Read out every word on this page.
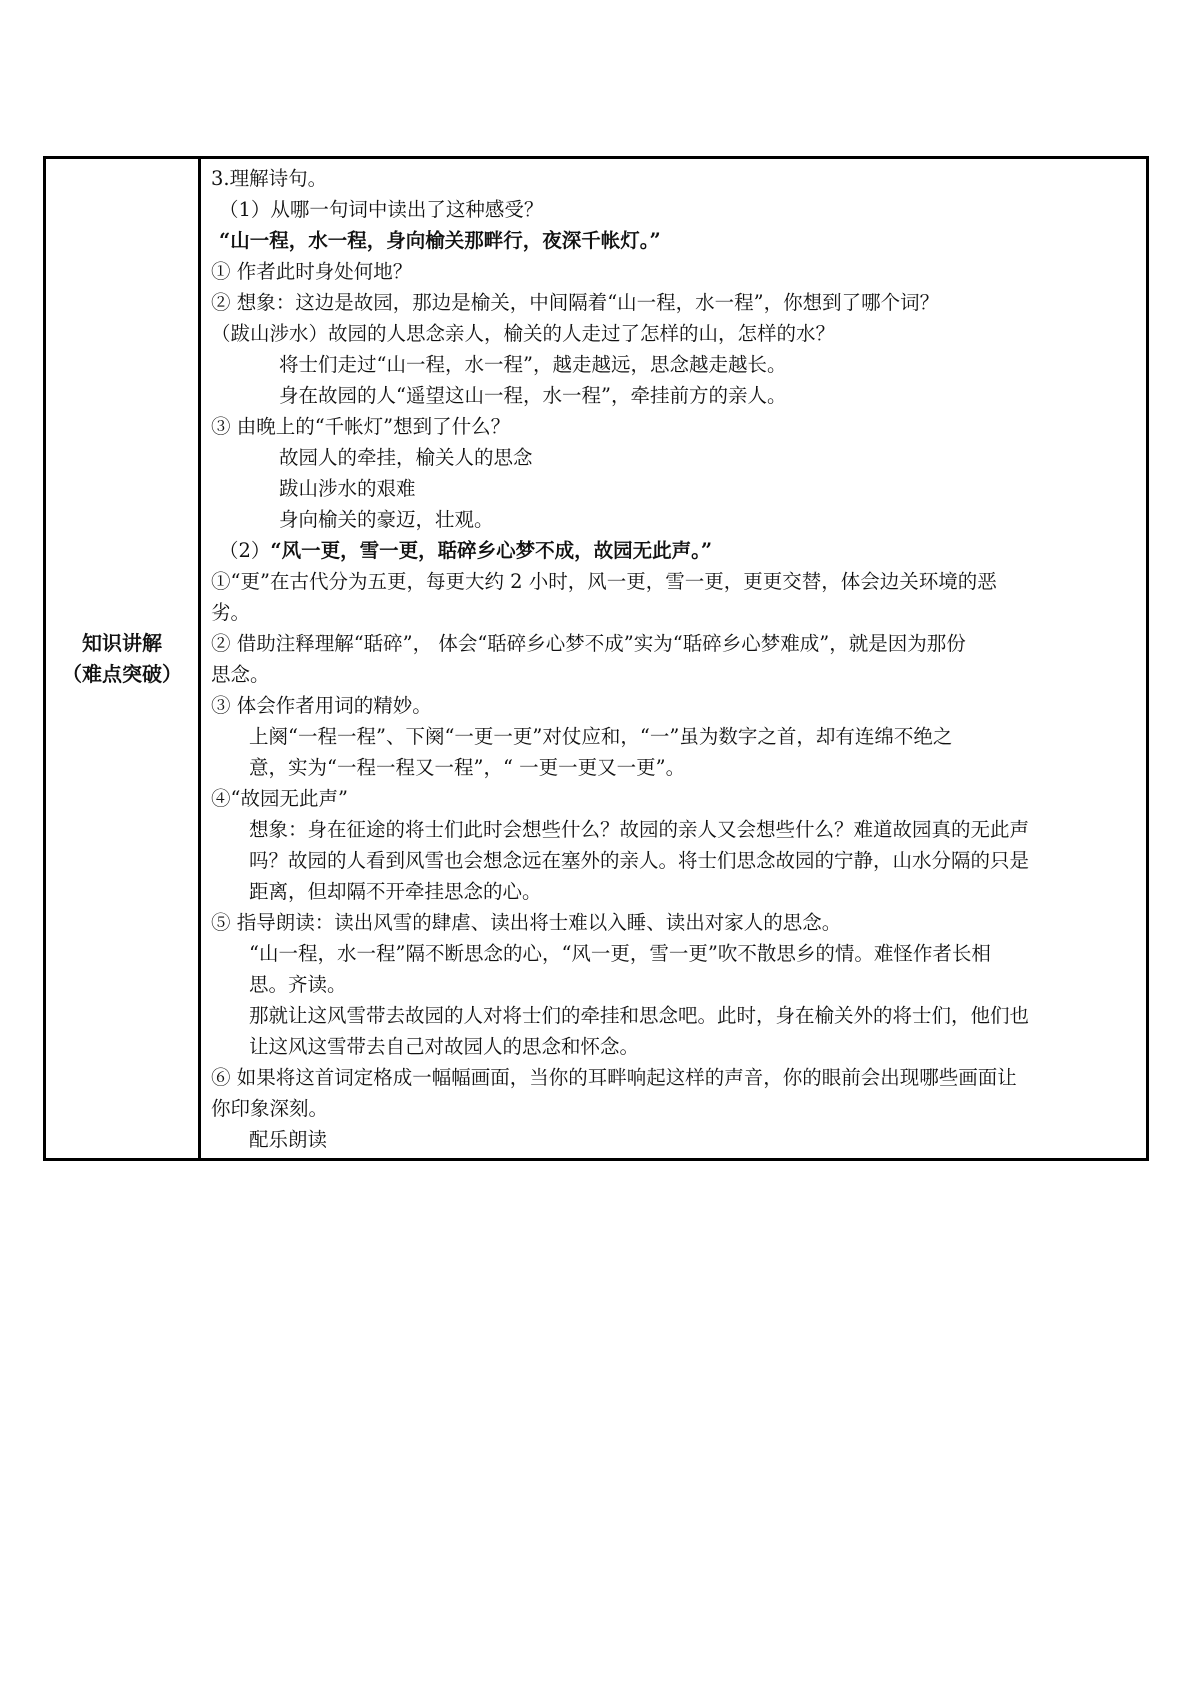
知识讲解
（难点突破）
3.理解诗句。
（1）从哪一句词中读出了这种感受？
“山一程，水一程，身向榆关那畔行，夜深千帐灯。”
① 作者此时身处何地？
② 想象：这边是故园，那边是榆关，中间隔着“山一程，水一程”，你想到了哪个词？
（跋山涉水）故园的人思念亲人，榆关的人走过了怎样的山，怎样的水？
将士们走过“山一程，水一程”，越走越远，思念越走越长。
身在故园的人“遥望这山一程，水一程”，牵挂前方的亲人。
③ 由晚上的“千帐灯”想到了什么？
故园人的牵挂，榆关人的思念
跋山涉水的艰难
身向榆关的豪迈，壮观。
（2）“风一更，雪一更，聒碎乡心梦不成，故园无此声。”
①“更”在古代分为五更，每更大约 2 小时，风一更，雪一更，更更交替，体会边关环境的恶
劣。
② 借助注释理解“聒碎”， 体会“聒碎乡心梦不成”实为“聒碎乡心梦难成”，就是因为那份
思念。
③ 体会作者用词的精妙。
上阕“一程一程”、下阕“一更一更”对仗应和，“一”虽为数字之首，却有连绵不绝之
意，实为“一程一程又一程”，“ 一更一更又一更”。
④“故园无此声”
想象：身在征途的将士们此时会想些什么？故园的亲人又会想些什么？难道故园真的无此声
吗？故园的人看到风雪也会想念远在塞外的亲人。将士们思念故园的宁静，山水分隔的只是
距离，但却隔不开牵挂思念的心。
⑤ 指导朗读：读出风雪的肆虐、读出将士难以入睡、读出对家人的思念。
“山一程，水一程”隔不断思念的心，“风一更，雪一更”吹不散思乡的情。难怪作者长相
思。齐读。
那就让这风雪带去故园的人对将士们的牵挂和思念吧。此时，身在榆关外的将士们，他们也
让这风这雪带去自己对故园人的思念和怀念。
⑥ 如果将这首词定格成一幅幅画面，当你的耳畔响起这样的声音，你的眼前会出现哪些画面让
你印象深刻。
配乐朗读
